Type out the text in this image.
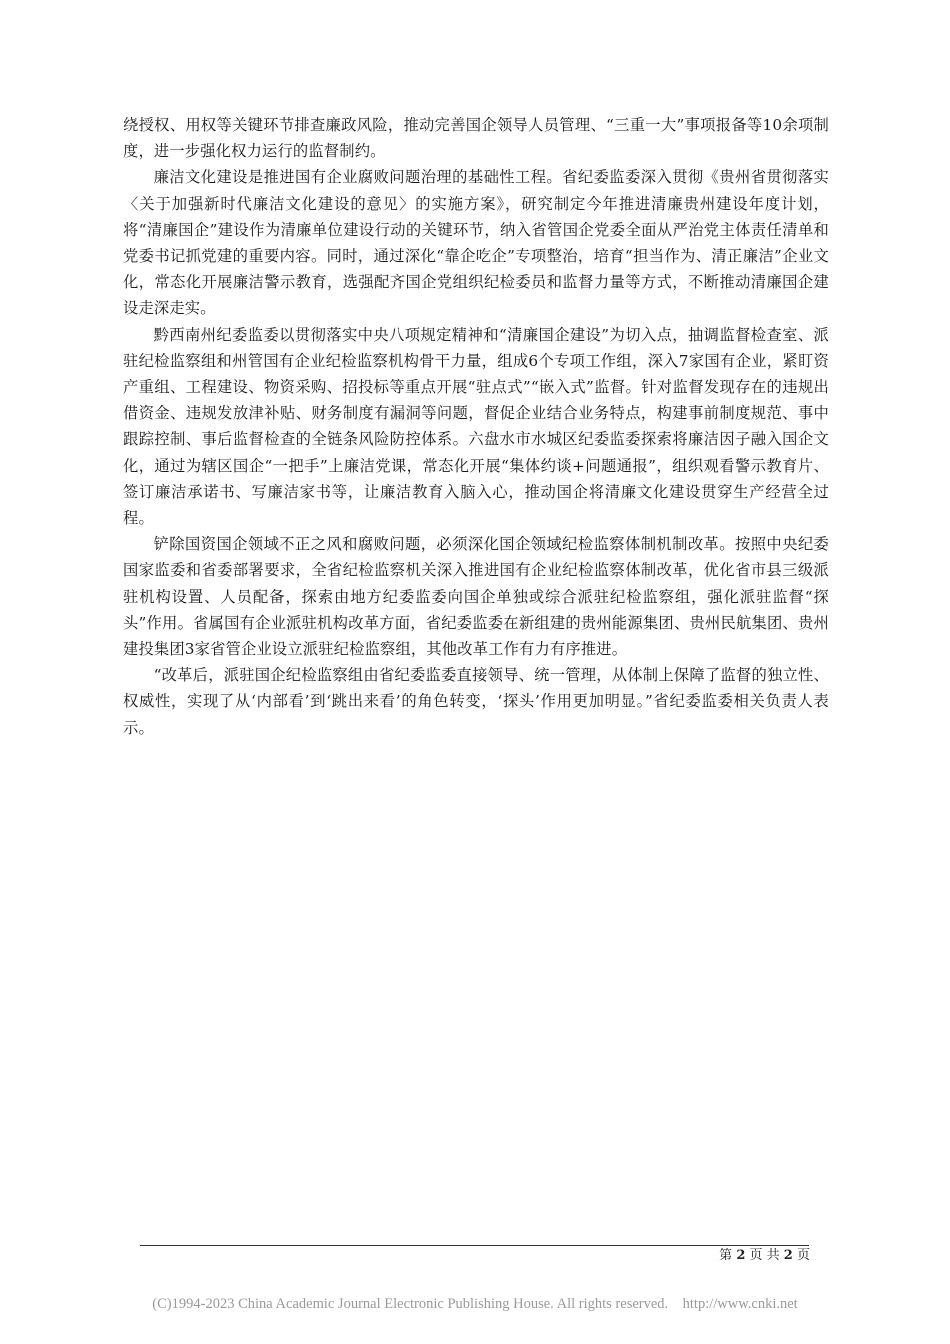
绕授权、用权等关键环节排查廉政风险，推动完善国企领导人员管理、“三重一大”事项报备等10余项制度，进一步强化权力运行的监督制约。

廉洁文化建设是推进国有企业腐败问题治理的基础性工程。省纪委监委深入贯彻《贵州省贯彻落实〈关于加强新时代廉洁文化建设的意见〉的实施方案》，研究制定今年推进清廉贵州建设年度计划，将“清廉国企”建设作为清廉单位建设行动的关键环节，纳入省管国企党委全面从严治党主体责任清单和党委书记抓党建的重要内容。同时，通过深化“靠企吃企”专项整治，培育“担当作为、清正廉洁”企业文化，常态化开展廉洁警示教育，选强配齐国企党组织纪检委员和监督力量等方式，不断推动清廉国企建设走深走实。

黔西南州纪委监委以贯彻落实中央八项规定精神和“清廉国企建设”为切入点，抽调监督检查室、派驻纪检监察组和州管国有企业纪检监察机构骨干力量，组成6个专项工作组，深入7家国有企业，紧盯资产重组、工程建设、物资采购、招投标等重点开展“驻点式”“嵌入式”监督。针对监督发现存在的违规出借资金、违规发放津补贴、财务制度有漏洞等问题，督促企业结合业务特点，构建事前制度规范、事中跟踪控制、事后监督检查的全链条风险防控体系。六盘水市水城区纪委监委探索将廉洁因子融入国企文化，通过为辖区国企“一把手”上廉洁党课，常态化开展“集体约谈+问题通报”，组织观看警示教育片、签订廉洁承诺书、写廉洁家书等，让廉洁教育入脑入心，推动国企将清廉文化建设贯穿生产经营全过程。

铲除国资国企领域不正之风和腐败问题，必须深化国企领域纪检监察体制机制改革。按照中央纪委国家监委和省委部署要求，全省纪检监察机关深入推进国有企业纪检监察体制改革，优化省市县三级派驻机构设置、人员配备，探索由地方纪委监委向国企单独或综合派驻纪检监察组，强化派驻监督“探头”作用。省属国有企业派驻机构改革方面，省纪委监委在新组建的贵州能源集团、贵州民航集团、贵州建投集团3家省管企业设立派驻纪检监察组，其他改革工作有力有序推进。

“改革后，派驻国企纪检监察组由省纪委监委直接领导、统一管理，从体制上保障了监督的独立性、权威性，实现了从‘内部看’到‘跳出来看’的角色转变，‘探头’作用更加明显。”省纪委监委相关负责人表示。

第 2 页 共 2 页
(C)1994-2023 China Academic Journal Electronic Publishing House. All rights reserved.    http://www.cnki.net
